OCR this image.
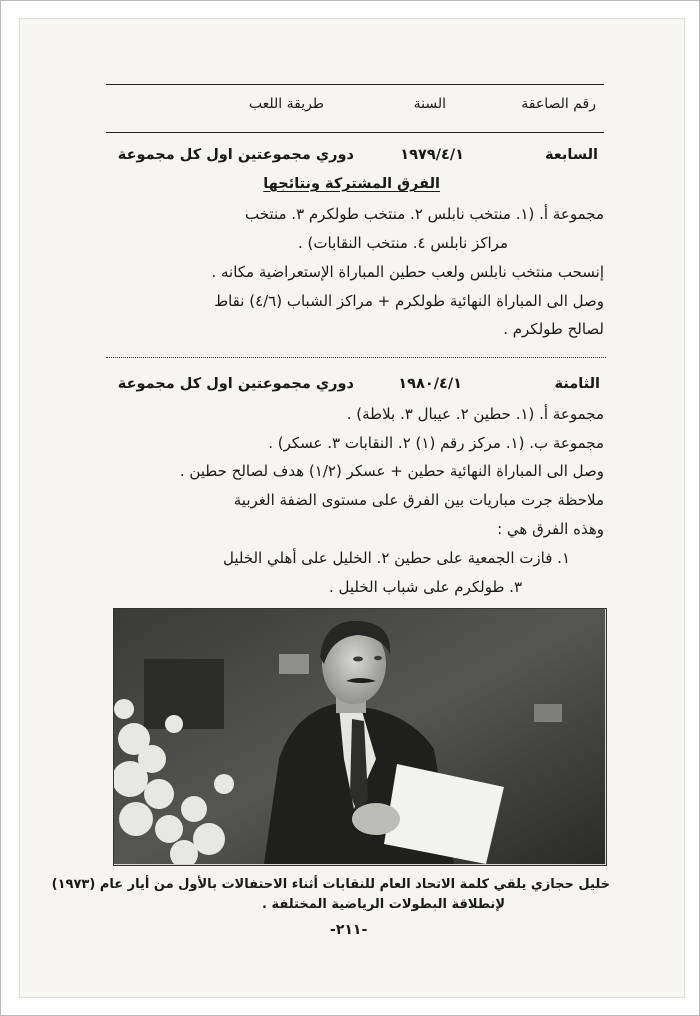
رقم الصاعقة
السنة
طريقة اللعب
السابعة
١٩٧٩/٤/١
دوري مجموعتين اول كل مجموعة
الفرق المشتركة ونتائجها
مجموعة أ. (١. منتخب نابلس ٢. منتخب طولكرم ٣. منتخب
مراكز نابلس ٤. منتخب النقابات) .
إنسحب منتخب نابلس ولعب حطين المباراة الإستعراضية مكانه .
وصل الى المباراة النهائية طولكرم + مراكز الشباب (٤/٦) نقاط
لصالح طولكرم .
الثامنة
١٩٨٠/٤/١
دوري مجموعتين اول كل مجموعة
مجموعة أ. (١. حطين ٢. عيبال ٣. بلاطة) .
مجموعة ب. (١. مركز رقم (١) ٢. النقابات ٣. عسكر) .
وصل الى المباراة النهائية حطين + عسكر (١/٢) هدف لصالح حطين .
ملاحظة جرت مباريات بين الفرق على مستوى الضفة الغربية
وهذه الفرق هي :
١. فازت الجمعية على حطين ٢. الخليل على أهلي الخليل
٣. طولكرم على شباب الخليل .
خليل حجازي يلقي كلمة الاتحاد العام للنقابات أثناء الاحتفالات بالأول من أيار عام (١٩٧٣)
لإنطلاقة البطولات الرياضية المختلفة .
-٢١١-
